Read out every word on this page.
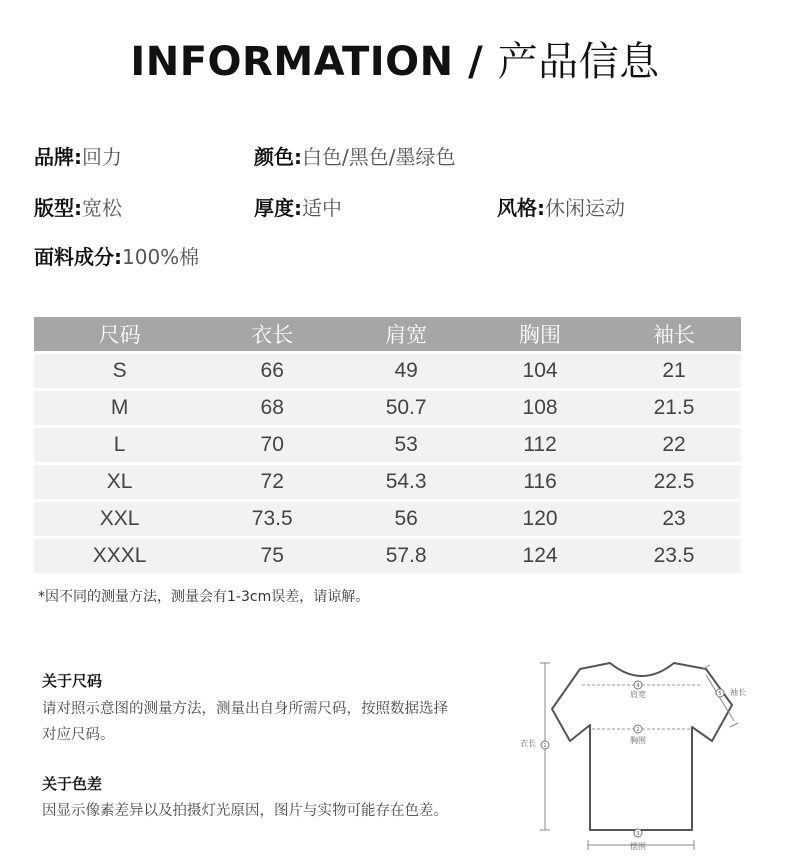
INFORMATION / 产品信息
品牌:回力	颜色:白色/黑色/墨绿色
版型:宽松	厚度:适中	风格:休闲运动
面料成分:100%棉
尺码	衣长	肩宽	胸围	袖长
S	66	49	104	21
M	68	50.7	108	21.5
L	70	53	112	22
XL	72	54.3	116	22.5
XXL	73.5	56	120	23
XXXL	75	57.8	124	23.5
*因不同的测量方法，测量会有1-3cm误差，请谅解。
关于尺码
请对照示意图的测量方法，测量出自身所需尺码，按照数据选择对应尺码。
关于色差
因显示像素差异以及拍摄灯光原因，图片与实物可能存在色差。
1
4
2
3
5
衣长
肩宽
胸围
摆围
袖长
